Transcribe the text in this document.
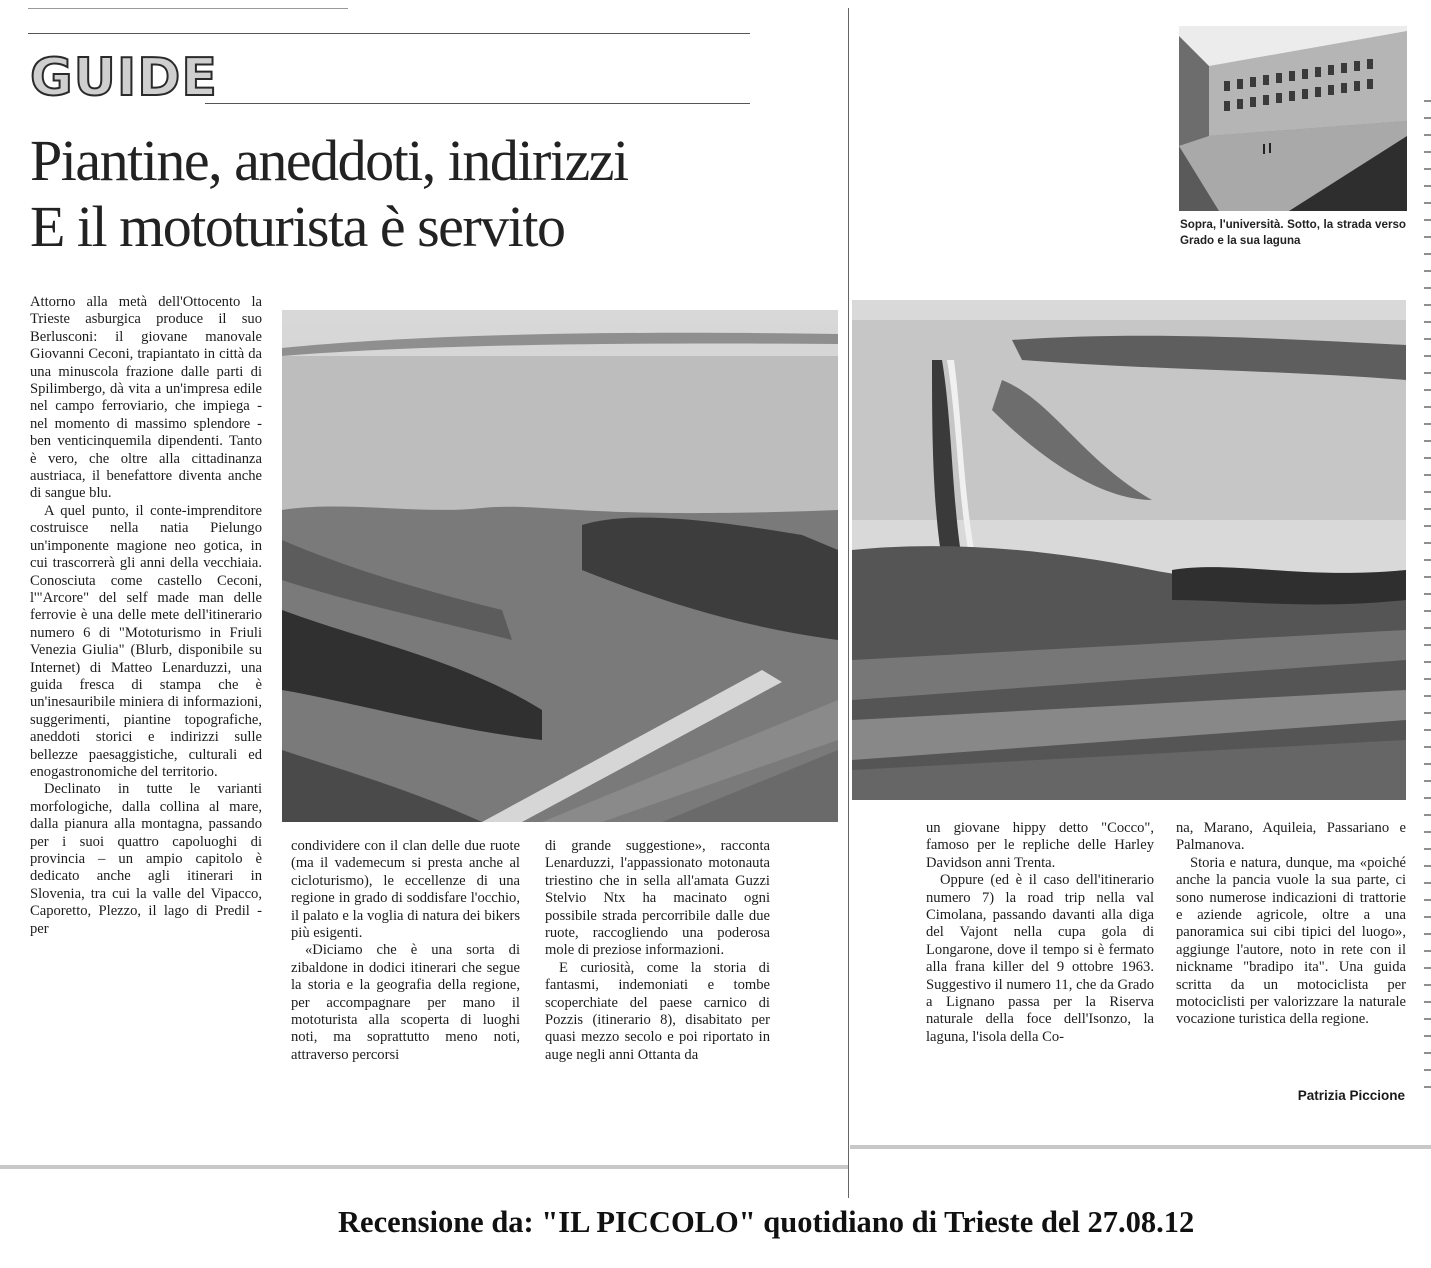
GUIDE
Piantine, aneddoti, indirizzi
E il mototurista è servito	Sopra, l'università. Sotto, la strada verso Grado e la sua laguna

Attorno alla metà dell'Ottocento la Trieste asburgica produce il suo Berlusconi: il giovane manovale Giovanni Ceconi, trapiantato in città da una minuscola frazione dalle parti di Spilimbergo, dà vita a un'impresa edile nel campo ferroviario, che impiega - nel momento di massimo splendore - ben venticinquemila dipendenti. Tanto è vero, che oltre alla cittadinanza austriaca, il benefattore diventa anche di sangue blu.

A quel punto, il conte-imprenditore costruisce nella natia Pielungo un'imponente magione neo gotica, in cui trascorrerà gli anni della vecchiaia. Conosciuta come castello Ceconi, l'"Arcore" del self made man delle ferrovie è una delle mete dell'itinerario numero 6 di "Mototurismo in Friuli Venezia Giulia" (Blurb, disponibile su Internet) di Matteo Lenarduzzi, una guida fresca di stampa che è un'inesauribile miniera di informazioni, suggerimenti, piantine topografiche, aneddoti storici e indirizzi sulle bellezze paesaggistiche, culturali ed enogastronomiche del territorio.

Declinato in tutte le varianti morfologiche, dalla collina al mare, dalla pianura alla montagna, passando per i suoi quattro capoluoghi di provincia – un ampio capitolo è dedicato anche agli itinerari in Slovenia, tra cui la valle del Vipacco, Caporetto, Plezzo, il lago di Predil - per

condividere con il clan delle due ruote (ma il vademecum si presta anche al cicloturismo), le eccellenze di una regione in grado di soddisfare l'occhio, il palato e la voglia di natura dei bikers più esigenti.

«Diciamo che è una sorta di zibaldone in dodici itinerari che segue la storia e la geografia della regione, per accompagnare per mano il mototurista alla scoperta di luoghi noti, ma soprattutto meno noti, attraverso percorsi

di grande suggestione», racconta Lenarduzzi, l'appassionato motonauta triestino che in sella all'amata Guzzi Stelvio Ntx ha macinato ogni possibile strada percorribile dalle due ruote, raccogliendo una poderosa mole di preziose informazioni.

E curiosità, come la storia di fantasmi, indemoniati e tombe scoperchiate del paese carnico di Pozzis (itinerario 8), disabitato per quasi mezzo secolo e poi riportato in auge negli anni Ottanta da

un giovane hippy detto "Cocco", famoso per le repliche delle Harley Davidson anni Trenta.

Oppure (ed è il caso dell'itinerario numero 7) la road trip nella val Cimolana, passando davanti alla diga del Vajont nella cupa gola di Longarone, dove il tempo si è fermato alla frana killer del 9 ottobre 1963. Suggestivo il numero 11, che da Grado a Lignano passa per la Riserva naturale della foce dell'Isonzo, la laguna, l'isola della Co-

na, Marano, Aquileia, Passariano e Palmanova.

Storia e natura, dunque, ma «poiché anche la pancia vuole la sua parte, ci sono numerose indicazioni di trattorie e aziende agricole, oltre a una panoramica sui cibi tipici del luogo», aggiunge l'autore, noto in rete con il nickname "bradipo ita". Una guida scritta da un motociclista per motociclisti per valorizzare la naturale vocazione turistica della regione.

Patrizia Piccione
Recensione da: "IL PICCOLO" quotidiano di Trieste del 27.08.12
